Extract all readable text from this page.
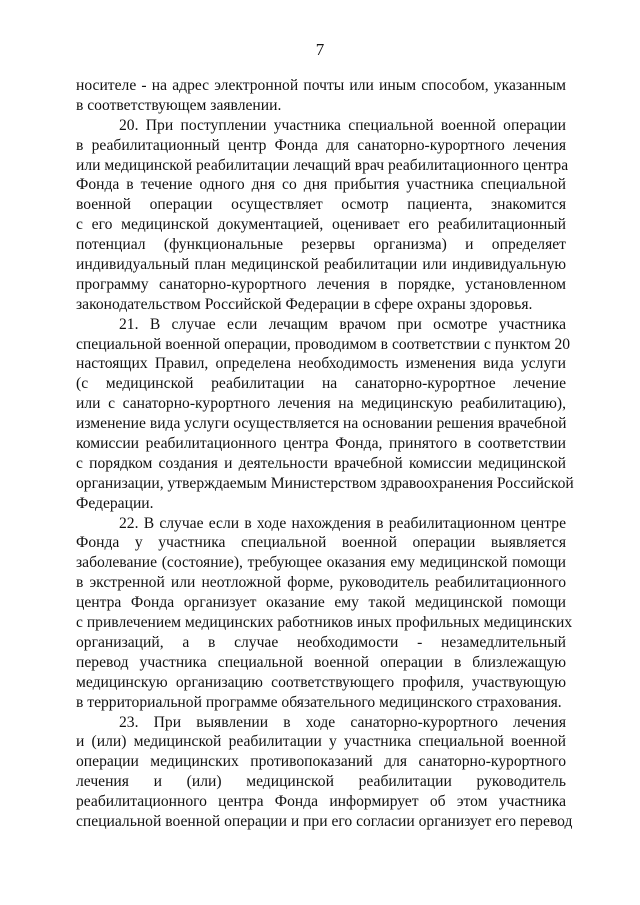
7
носителе - на адрес электронной почты или иным способом, указанным
в соответствующем заявлении.
20. При поступлении участника специальной военной операции
в реабилитационный центр Фонда для санаторно-курортного лечения
или медицинской реабилитации лечащий врач реабилитационного центра
Фонда в течение одного дня со дня прибытия участника специальной
военной операции осуществляет осмотр пациента, знакомится
с его медицинской документацией, оценивает его реабилитационный
потенциал (функциональные резервы организма) и определяет
индивидуальный план медицинской реабилитации или индивидуальную
программу санаторно-курортного лечения в порядке, установленном
законодательством Российской Федерации в сфере охраны здоровья.
21. В случае если лечащим врачом при осмотре участника
специальной военной операции, проводимом в соответствии с пунктом 20
настоящих Правил, определена необходимость изменения вида услуги
(с медицинской реабилитации на санаторно-курортное лечение
или с санаторно-курортного лечения на медицинскую реабилитацию),
изменение вида услуги осуществляется на основании решения врачебной
комиссии реабилитационного центра Фонда, принятого в соответствии
с порядком создания и деятельности врачебной комиссии медицинской
организации, утверждаемым Министерством здравоохранения Российской
Федерации.
22. В случае если в ходе нахождения в реабилитационном центре
Фонда у участника специальной военной операции выявляется
заболевание (состояние), требующее оказания ему медицинской помощи
в экстренной или неотложной форме, руководитель реабилитационного
центра Фонда организует оказание ему такой медицинской помощи
с привлечением медицинских работников иных профильных медицинских
организаций, а в случае необходимости - незамедлительный
перевод участника специальной военной операции в близлежащую
медицинскую организацию соответствующего профиля, участвующую
в территориальной программе обязательного медицинского страхования.
23. При выявлении в ходе санаторно-курортного лечения
и (или) медицинской реабилитации у участника специальной военной
операции медицинских противопоказаний для санаторно-курортного
лечения и (или) медицинской реабилитации руководитель
реабилитационного центра Фонда информирует об этом участника
специальной военной операции и при его согласии организует его перевод
